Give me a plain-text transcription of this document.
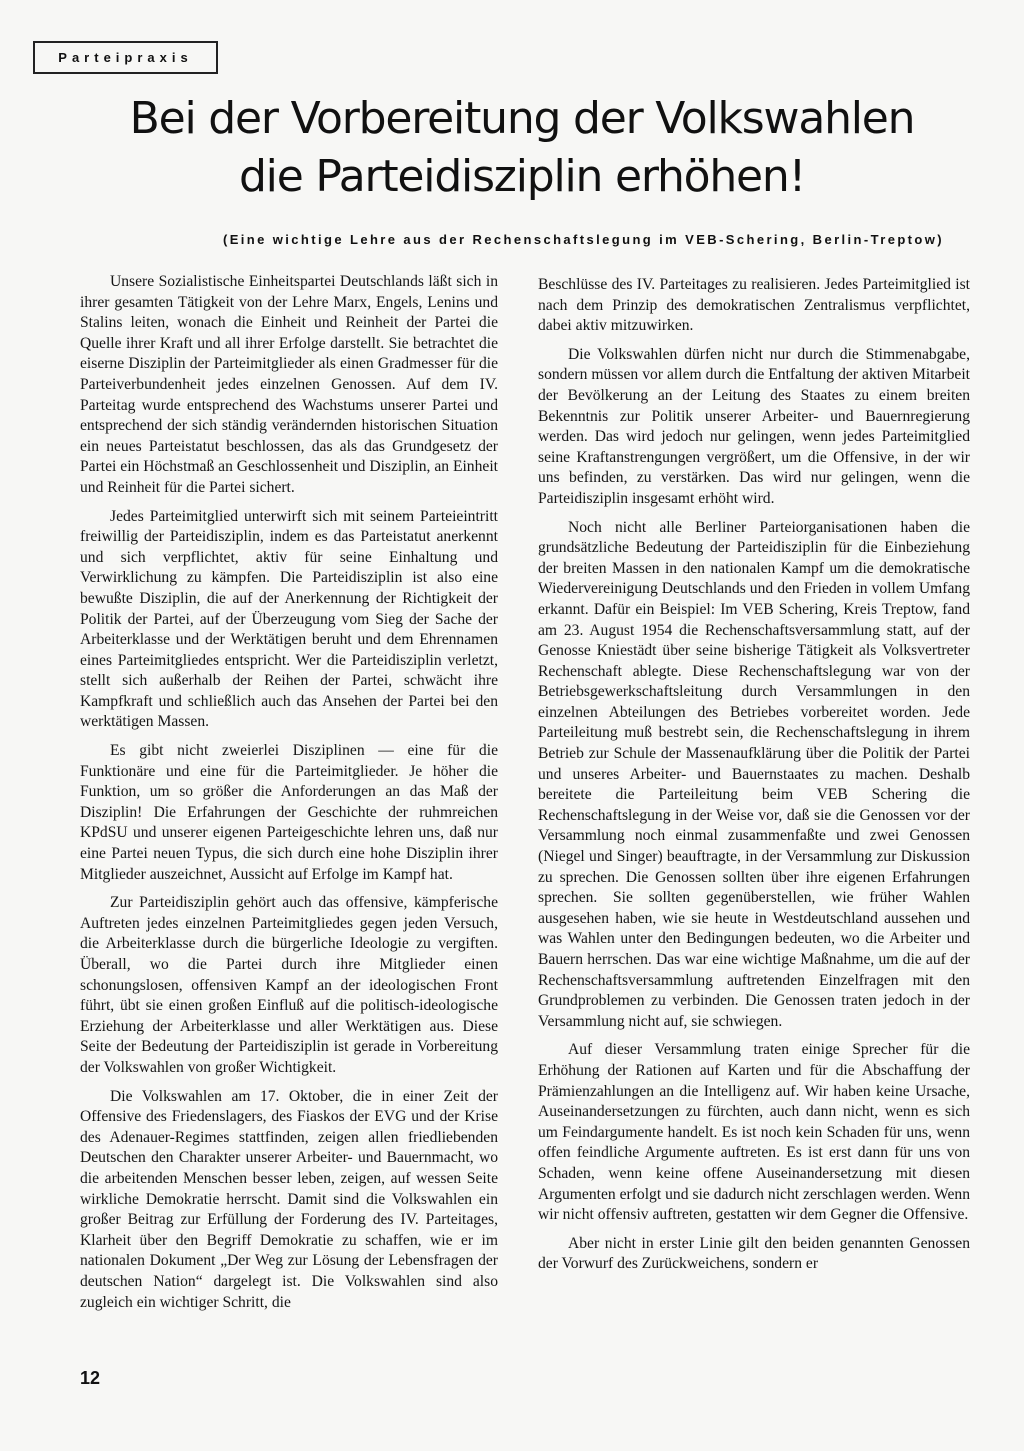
Parteipraxis
Bei der Vorbereitung der Volkswahlen
die Parteidisziplin erhöhen!
(Eine wichtige Lehre aus der Rechenschaftslegung im VEB-Schering, Berlin-Treptow)

Unsere Sozialistische Einheitspartei Deutschlands läßt sich in ihrer gesamten Tätigkeit von der Lehre Marx, Engels, Lenins und Stalins leiten, wonach die Einheit und Reinheit der Partei die Quelle ihrer Kraft und all ihrer Erfolge darstellt. Sie betrachtet die eiserne Disziplin der Parteimitglieder als einen Gradmesser für die Parteiverbundenheit jedes einzelnen Genossen. Auf dem IV. Parteitag wurde entsprechend des Wachstums unserer Partei und entsprechend der sich ständig verändernden historischen Situation ein neues Parteistatut beschlossen, das als das Grundgesetz der Partei ein Höchstmaß an Geschlossenheit und Disziplin, an Einheit und Reinheit für die Partei sichert.

Jedes Parteimitglied unterwirft sich mit seinem Parteieintritt freiwillig der Parteidisziplin, indem es das Parteistatut anerkennt und sich verpflichtet, aktiv für seine Einhaltung und Verwirklichung zu kämpfen. Die Parteidisziplin ist also eine bewußte Disziplin, die auf der Anerkennung der Richtigkeit der Politik der Partei, auf der Überzeugung vom Sieg der Sache der Arbeiterklasse und der Werktätigen beruht und dem Ehrennamen eines Parteimitgliedes entspricht. Wer die Parteidisziplin verletzt, stellt sich außerhalb der Reihen der Partei, schwächt ihre Kampfkraft und schließlich auch das Ansehen der Partei bei den werktätigen Massen.

Es gibt nicht zweierlei Disziplinen — eine für die Funktionäre und eine für die Parteimitglieder. Je höher die Funktion, um so größer die Anforderungen an das Maß der Disziplin! Die Erfahrungen der Geschichte der ruhmreichen KPdSU und unserer eigenen Parteigeschichte lehren uns, daß nur eine Partei neuen Typus, die sich durch eine hohe Disziplin ihrer Mitglieder auszeichnet, Aussicht auf Erfolge im Kampf hat.

Zur Parteidisziplin gehört auch das offensive, kämpferische Auftreten jedes einzelnen Parteimitgliedes gegen jeden Versuch, die Arbeiterklasse durch die bürgerliche Ideologie zu vergiften. Überall, wo die Partei durch ihre Mitglieder einen schonungslosen, offensiven Kampf an der ideologischen Front führt, übt sie einen großen Einfluß auf die politisch-ideologische Erziehung der Arbeiterklasse und aller Werktätigen aus. Diese Seite der Bedeutung der Parteidisziplin ist gerade in Vorbereitung der Volkswahlen von großer Wichtigkeit.

Die Volkswahlen am 17. Oktober, die in einer Zeit der Offensive des Friedenslagers, des Fiaskos der EVG und der Krise des Adenauer-Regimes stattfinden, zeigen allen friedliebenden Deutschen den Charakter unserer Arbeiter- und Bauernmacht, wo die arbeitenden Menschen besser leben, zeigen, auf wessen Seite wirkliche Demokratie herrscht. Damit sind die Volkswahlen ein großer Beitrag zur Erfüllung der Forderung des IV. Parteitages, Klarheit über den Begriff Demokratie zu schaffen, wie er im nationalen Dokument „Der Weg zur Lösung der Lebensfragen der deutschen Nation“ dargelegt ist. Die Volkswahlen sind also zugleich ein wichtiger Schritt, die

Beschlüsse des IV. Parteitages zu realisieren. Jedes Parteimitglied ist nach dem Prinzip des demokratischen Zentralismus verpflichtet, dabei aktiv mitzuwirken.

Die Volkswahlen dürfen nicht nur durch die Stimmenabgabe, sondern müssen vor allem durch die Entfaltung der aktiven Mitarbeit der Bevölkerung an der Leitung des Staates zu einem breiten Bekenntnis zur Politik unserer Arbeiter- und Bauernregierung werden. Das wird jedoch nur gelingen, wenn jedes Parteimitglied seine Kraftanstrengungen vergrößert, um die Offensive, in der wir uns befinden, zu verstärken. Das wird nur gelingen, wenn die Parteidisziplin insgesamt erhöht wird.

Noch nicht alle Berliner Parteiorganisationen haben die grundsätzliche Bedeutung der Parteidisziplin für die Einbeziehung der breiten Massen in den nationalen Kampf um die demokratische Wiedervereinigung Deutschlands und den Frieden in vollem Umfang erkannt. Dafür ein Beispiel: Im VEB Schering, Kreis Treptow, fand am 23. August 1954 die Rechenschaftsversammlung statt, auf der Genosse Kniestädt über seine bisherige Tätigkeit als Volksvertreter Rechenschaft ablegte. Diese Rechenschaftslegung war von der Betriebsgewerkschaftsleitung durch Versammlungen in den einzelnen Abteilungen des Betriebes vorbereitet worden. Jede Parteileitung muß bestrebt sein, die Rechenschaftslegung in ihrem Betrieb zur Schule der Massenaufklärung über die Politik der Partei und unseres Arbeiter- und Bauernstaates zu machen. Deshalb bereitete die Parteileitung beim VEB Schering die Rechenschaftslegung in der Weise vor, daß sie die Genossen vor der Versammlung noch einmal zusammenfaßte und zwei Genossen (Niegel und Singer) beauftragte, in der Versammlung zur Diskussion zu sprechen. Die Genossen sollten über ihre eigenen Erfahrungen sprechen. Sie sollten gegenüberstellen, wie früher Wahlen ausgesehen haben, wie sie heute in Westdeutschland aussehen und was Wahlen unter den Bedingungen bedeuten, wo die Arbeiter und Bauern herrschen. Das war eine wichtige Maßnahme, um die auf der Rechenschaftsversammlung auftretenden Einzelfragen mit den Grundproblemen zu verbinden. Die Genossen traten jedoch in der Versammlung nicht auf, sie schwiegen.

Auf dieser Versammlung traten einige Sprecher für die Erhöhung der Rationen auf Karten und für die Abschaffung der Prämienzahlungen an die Intelligenz auf. Wir haben keine Ursache, Auseinandersetzungen zu fürchten, auch dann nicht, wenn es sich um Feindargumente handelt. Es ist noch kein Schaden für uns, wenn offen feindliche Argumente auftreten. Es ist erst dann für uns von Schaden, wenn keine offene Auseinandersetzung mit diesen Argumenten erfolgt und sie dadurch nicht zerschlagen werden. Wenn wir nicht offensiv auftreten, gestatten wir dem Gegner die Offensive.

Aber nicht in erster Linie gilt den beiden genannten Genossen der Vorwurf des Zurückweichens, sondern er

12
